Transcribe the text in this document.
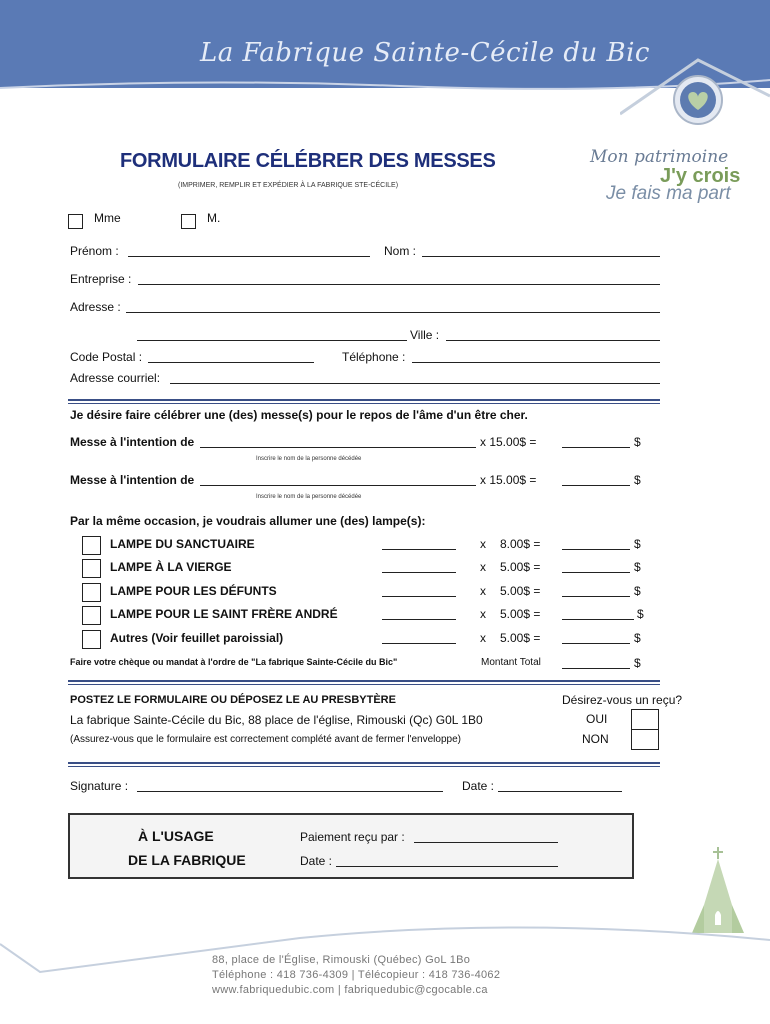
La Fabrique Sainte-Cécile du Bic
Mon patrimoine
J'y crois
Je fais ma part
FORMULAIRE CÉLÉBRER DES MESSES
(IMPRIMER, REMPLIR ET EXPÉDIER À LA FABRIQUE STE-CÉCILE)
Mme	M.
Prénom :	Nom :
Entreprise :
Adresse :
Ville :
Code Postal :	Téléphone :
Adresse courriel:
Je désire faire célébrer une (des) messe(s) pour le repos de l'âme d'un être cher.
Messe à l'intention de	x 15.00$ =	$
Inscrire le nom de la personne décédée
Messe à l'intention de	x 15.00$ =	$
Inscrire le nom de la personne décédée
Par la même occasion, je voudrais allumer une (des) lampe(s):
LAMPE DU SANCTUAIRE	x 8.00$ =	$
LAMPE À LA VIERGE	x 5.00$ =	$
LAMPE POUR LES DÉFUNTS	x 5.00$ =	$
LAMPE POUR LE SAINT FRÈRE ANDRÉ	x 5.00$ =	$
Autres (Voir feuillet paroissial)	x 5.00$ =	$
Faire votre chèque ou mandat à l'ordre de "La fabrique Sainte-Cécile du Bic"	Montant Total	$
POSTEZ LE FORMULAIRE OU DÉPOSEZ LE AU PRESBYTÈRE	Désirez-vous un reçu?
La fabrique Sainte-Cécile du Bic, 88 place de l'église, Rimouski (Qc) G0L 1B0
(Assurez-vous que le formulaire est correctement complété avant de fermer l'enveloppe)
OUI
NON
Signature :	Date :
À L'USAGE
DE LA FABRIQUE
Paiement reçu par :
Date :
88, place de l'Église, Rimouski (Québec) GoL 1Bo
Téléphone : 418 736-4309 | Télécopieur : 418 736-4062
www.fabriquedubic.com | fabriquedubic@cgocable.ca
